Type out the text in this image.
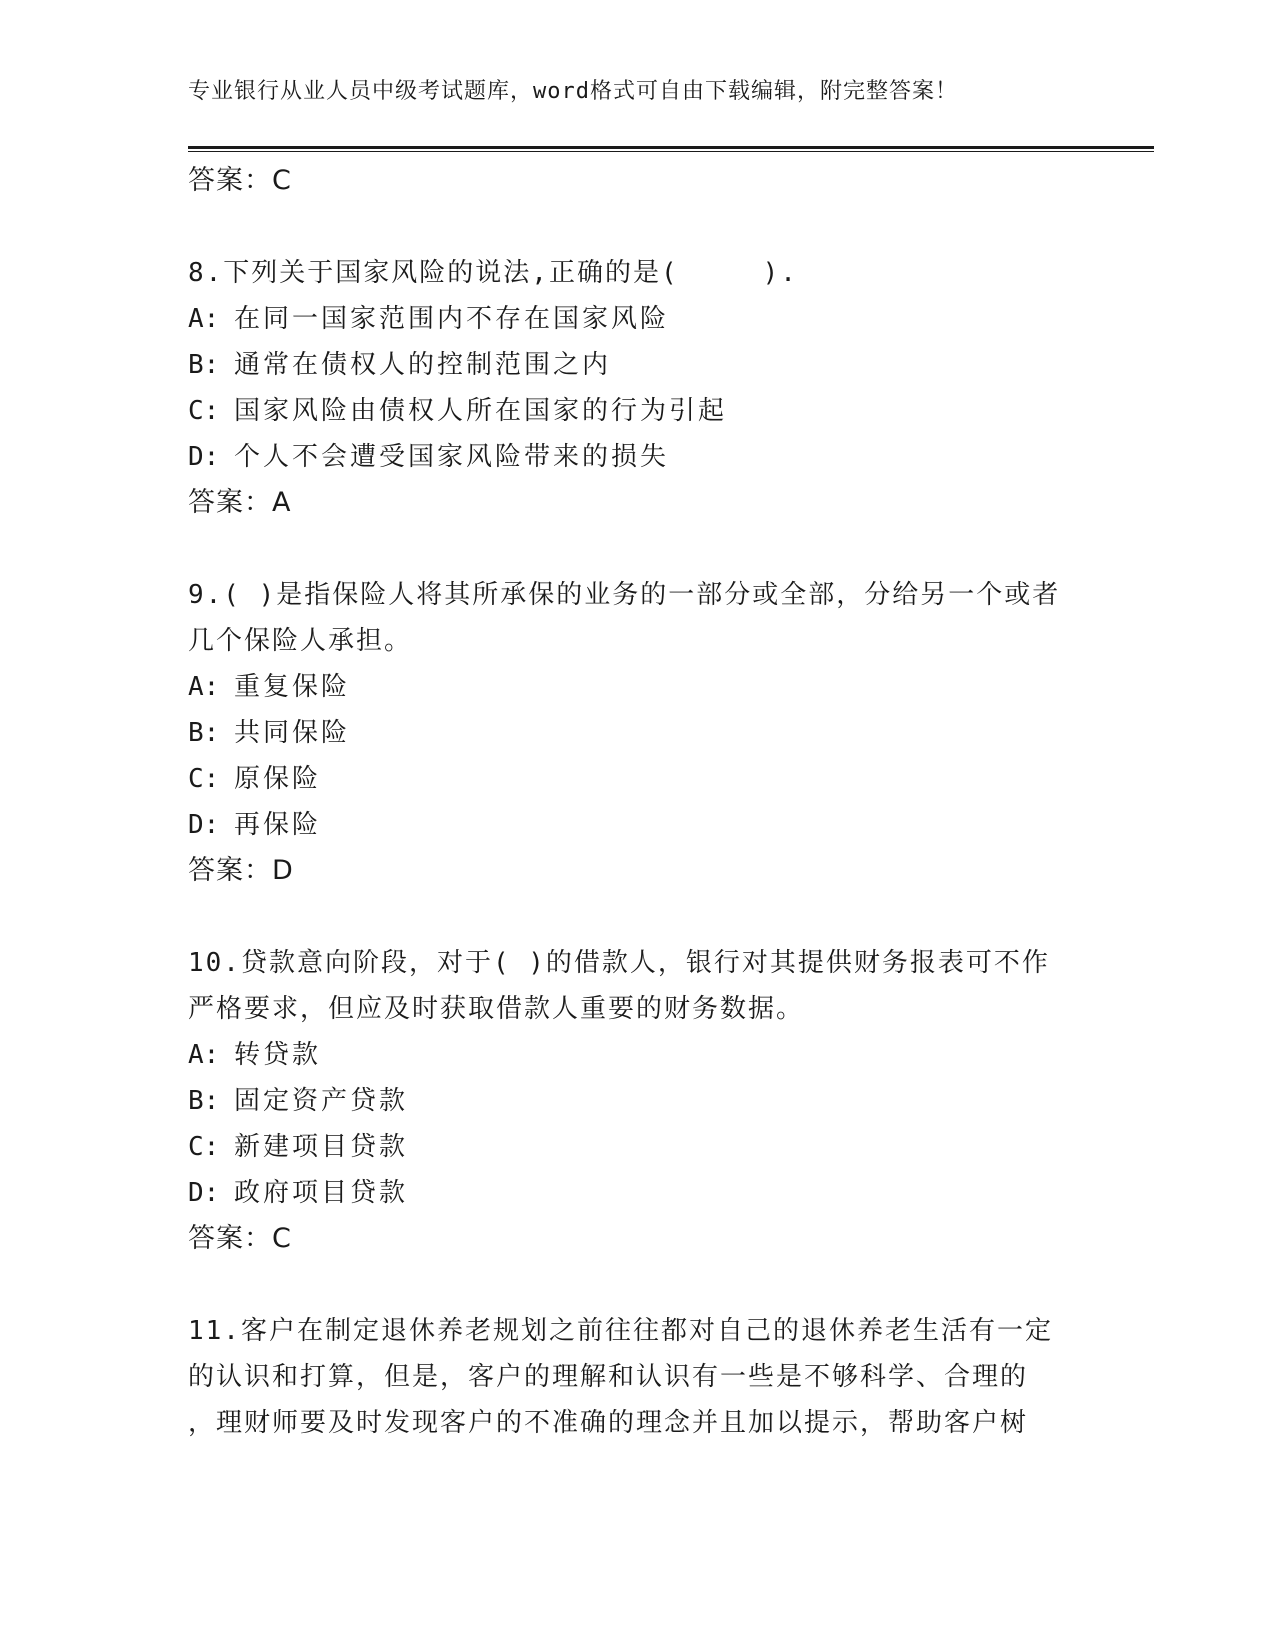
专业银行从业人员中级考试题库，word格式可自由下载编辑，附完整答案！
答案：C
8.下列关于国家风险的说法,正确的是(　　　).
A: 在同一国家范围内不存在国家风险
B: 通常在债权人的控制范围之内
C: 国家风险由债权人所在国家的行为引起
D: 个人不会遭受国家风险带来的损失
答案：A
9.( )是指保险人将其所承保的业务的一部分或全部，分给另一个或者
几个保险人承担。
A: 重复保险
B: 共同保险
C: 原保险
D: 再保险
答案：D
10.贷款意向阶段，对于( )的借款人，银行对其提供财务报表可不作
严格要求，但应及时获取借款人重要的财务数据。
A: 转贷款
B: 固定资产贷款
C: 新建项目贷款
D: 政府项目贷款
答案：C
11.客户在制定退休养老规划之前往往都对自己的退休养老生活有一定
的认识和打算，但是，客户的理解和认识有一些是不够科学、合理的
，理财师要及时发现客户的不准确的理念并且加以提示，帮助客户树
